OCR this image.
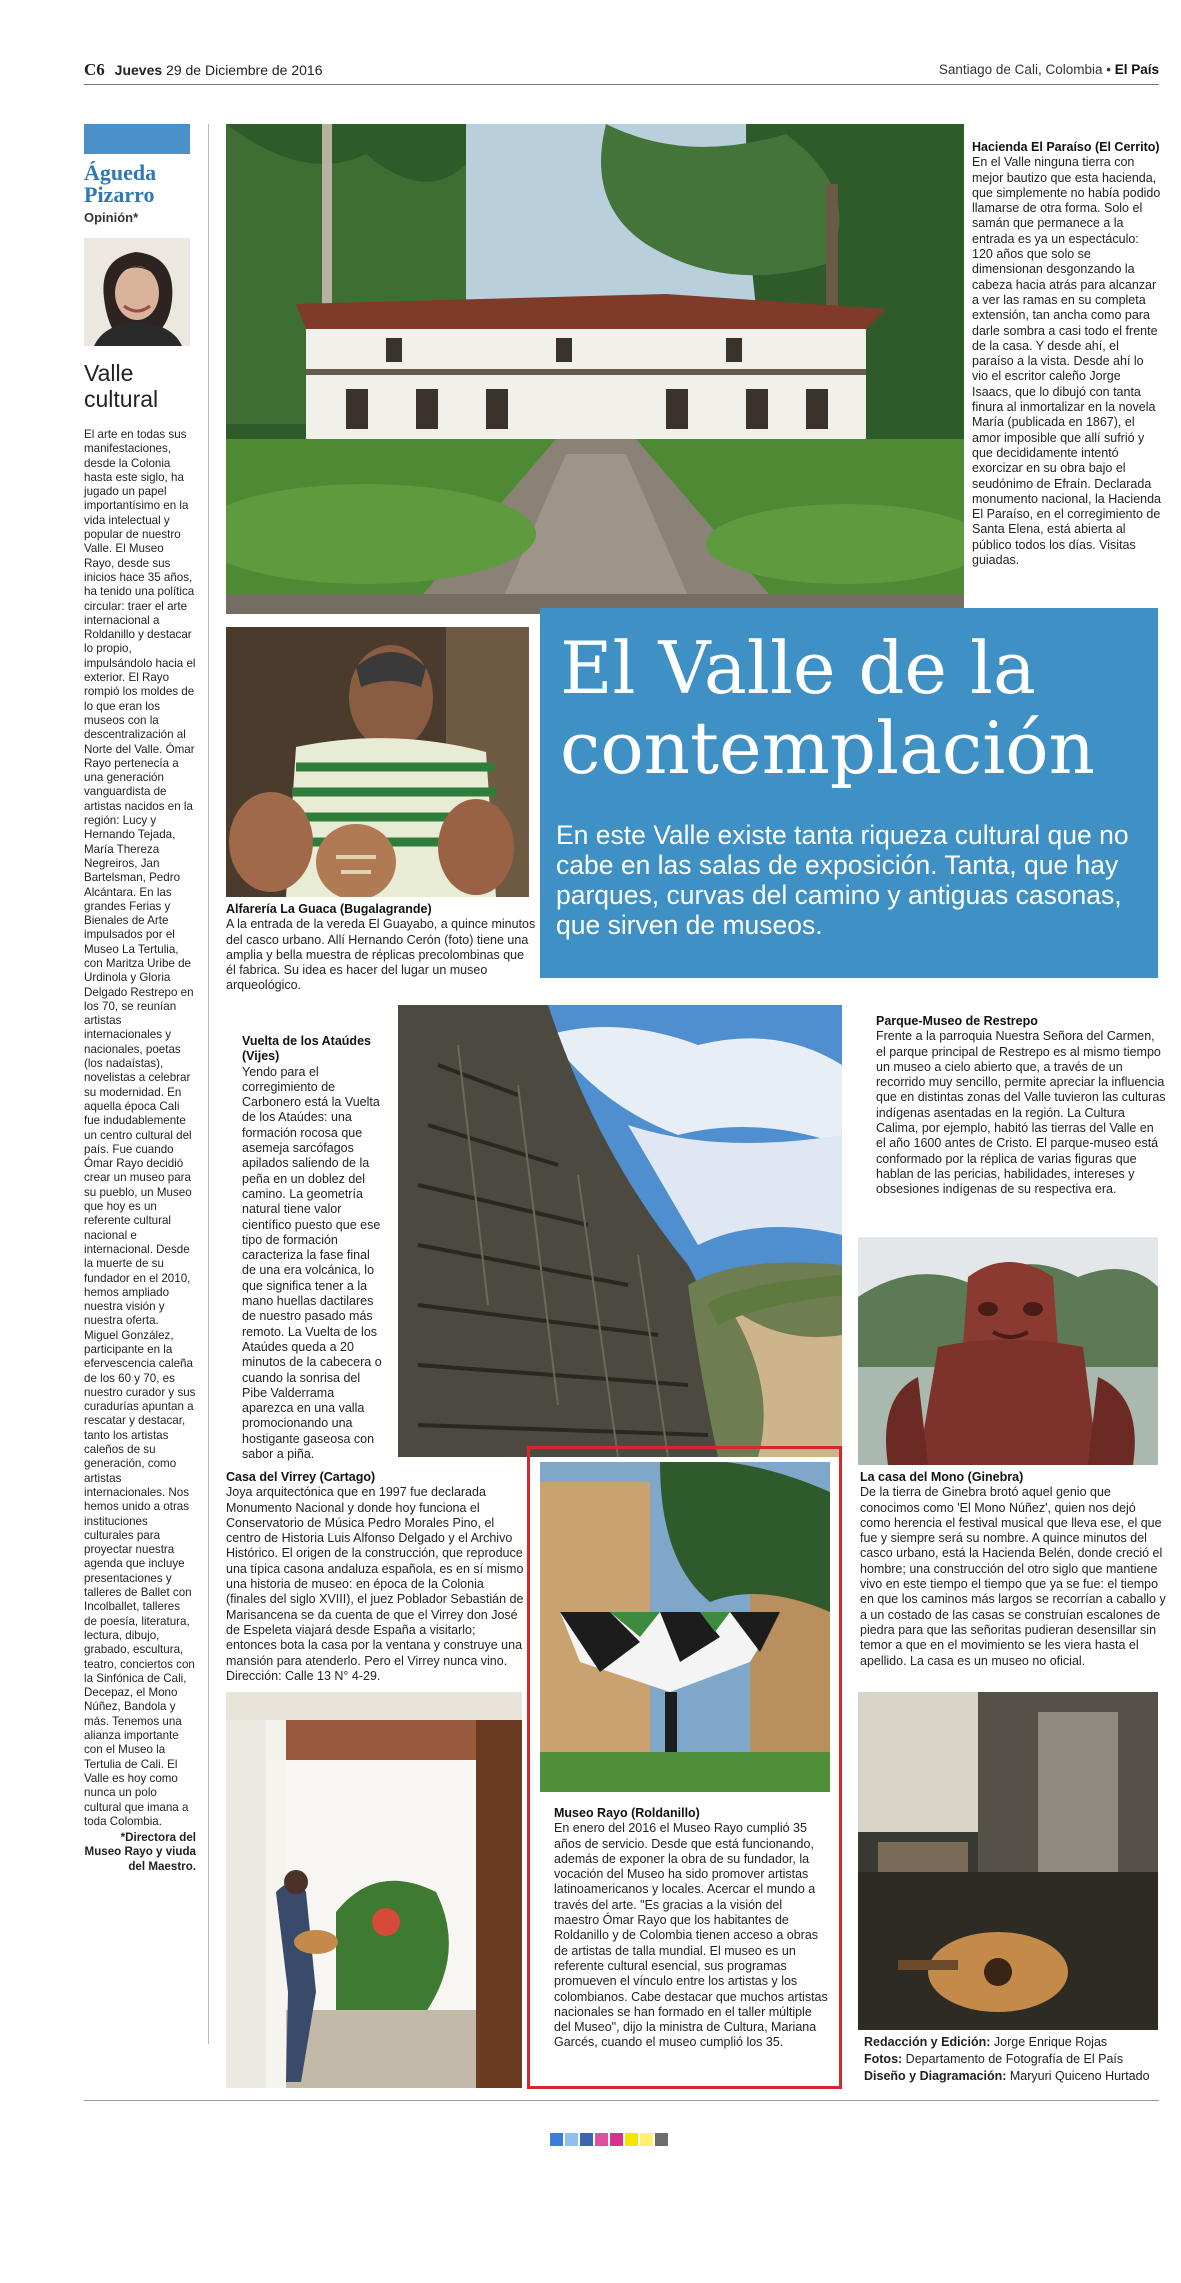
C6 Jueves 29 de Diciembre de 2016	Santiago de Cali, Colombia • El País
Águeda Pizarro
Opinión*
Valle cultural
El arte en todas sus manifestaciones, desde la Colonia hasta este siglo, ha jugado un papel importantísimo en la vida intelectual y popular de nuestro Valle. El Museo Rayo, desde sus inicios hace 35 años, ha tenido una política circular: traer el arte internacional a Roldanillo y destacar lo propio, impulsándolo hacia el exterior. El Rayo rompió los moldes de lo que eran los museos con la descentralización al Norte del Valle. Ómar Rayo pertenecía a una generación vanguardista de artistas nacidos en la región: Lucy y Hernando Tejada, María Thereza Negreiros, Jan Bartelsman, Pedro Alcántara. En las grandes Ferias y Bienales de Arte impulsados por el Museo La Tertulia, con Maritza Uribe de Urdinola y Gloria Delgado Restrepo en los 70, se reunían artistas internacionales y nacionales, poetas (los nadaístas), novelistas a celebrar su modernidad. En aquella época Cali fue indudablemente un centro cultural del país. Fue cuando Ómar Rayo decidió crear un museo para su pueblo, un Museo que hoy es un referente cultural nacional e internacional. Desde la muerte de su fundador en el 2010, hemos ampliado nuestra visión y nuestra oferta. Miguel González, participante en la efervescencia caleña de los 60 y 70, es nuestro curador y sus curadurías apuntan a rescatar y destacar, tanto los artistas caleños de su generación, como artistas internacionales. Nos hemos unido a otras instituciones culturales para proyectar nuestra agenda que incluye presentaciones y talleres de Ballet con Incolballet, talleres de poesía, literatura, lectura, dibujo, grabado, escultura, teatro, conciertos con la Sinfónica de Cali, Decepaz, el Mono Núñez, Bandola y más. Tenemos una alianza importante con el Museo la Tertulia de Cali. El Valle es hoy como nunca un polo cultural que imana a toda Colombia.
*Directora del Museo Rayo y viuda del Maestro.
Hacienda El Paraíso (El Cerrito)
En el Valle ninguna tierra con mejor bautizo que esta hacienda, que simplemente no había podido llamarse de otra forma. Solo el samán que permanece a la entrada es ya un espectáculo: 120 años que solo se dimensionan desgonzando la cabeza hacia atrás para alcanzar a ver las ramas en su completa extensión, tan ancha como para darle sombra a casi todo el frente de la casa. Y desde ahí, el paraíso a la vista. Desde ahí lo vio el escritor caleño Jorge Isaacs, que lo dibujó con tanta finura al inmortalizar en la novela María (publicada en 1867), el amor imposible que allí sufrió y que decididamente intentó exorcizar en su obra bajo el seudónimo de Efraín. Declarada monumento nacional, la Hacienda El Paraíso, en el corregimiento de Santa Elena, está abierta al público todos los días. Visitas guiadas.
Alfarería La Guaca (Bugalagrande)
A la entrada de la vereda El Guayabo, a quince minutos del casco urbano. Allí Hernando Cerón (foto) tiene una amplia y bella muestra de réplicas precolombinas que él fabrica. Su idea es hacer del lugar un museo arqueológico.
El Valle de la contemplación
En este Valle existe tanta riqueza cultural que no cabe en las salas de exposición. Tanta, que hay parques, curvas del camino y antiguas casonas, que sirven de museos.
Vuelta de los Ataúdes (Vijes)
Yendo para el corregimiento de Carbonero está la Vuelta de los Ataúdes: una formación rocosa que asemeja sarcófagos apilados saliendo de la peña en un doblez del camino. La geometría natural tiene valor científico puesto que ese tipo de formación caracteriza la fase final de una era volcánica, lo que significa tener a la mano huellas dactilares de nuestro pasado más remoto. La Vuelta de los Ataúdes queda a 20 minutos de la cabecera o cuando la sonrisa del Pibe Valderrama aparezca en una valla promocionando una hostigante gaseosa con sabor a piña.
Parque-Museo de Restrepo
Frente a la parroquia Nuestra Señora del Carmen, el parque principal de Restrepo es al mismo tiempo un museo a cielo abierto que, a través de un recorrido muy sencillo, permite apreciar la influencia que en distintas zonas del Valle tuvieron las culturas indígenas asentadas en la región. La Cultura Calima, por ejemplo, habitó las tierras del Valle en el año 1600 antes de Cristo. El parque-museo está conformado por la réplica de varias figuras que hablan de las pericias, habilidades, intereses y obsesiones indígenas de su respectiva era.
Casa del Virrey (Cartago)
Joya arquitectónica que en 1997 fue declarada Monumento Nacional y donde hoy funciona el Conservatorio de Música Pedro Morales Pino, el centro de Historia Luis Alfonso Delgado y el Archivo Histórico. El origen de la construcción, que reproduce una típica casona andaluza española, es en sí mismo una historia de museo: en época de la Colonia (finales del siglo XVIII), el juez Poblador Sebastián de Marisancena se da cuenta de que el Virrey don José de Espeleta viajará desde España a visitarlo; entonces bota la casa por la ventana y construye una mansión para atenderlo. Pero el Virrey nunca vino. Dirección: Calle 13 N° 4-29.
Museo Rayo (Roldanillo)
En enero del 2016 el Museo Rayo cumplió 35 años de servicio. Desde que está funcionando, además de exponer la obra de su fundador, la vocación del Museo ha sido promover artistas latinoamericanos y locales. Acercar el mundo a través del arte. "Es gracias a la visión del maestro Ómar Rayo que los habitantes de Roldanillo y de Colombia tienen acceso a obras de artistas de talla mundial. El museo es un referente cultural esencial, sus programas promueven el vínculo entre los artistas y los colombianos. Cabe destacar que muchos artistas nacionales se han formado en el taller múltiple del Museo", dijo la ministra de Cultura, Mariana Garcés, cuando el museo cumplió los 35.
La casa del Mono (Ginebra)
De la tierra de Ginebra brotó aquel genio que conocimos como 'El Mono Núñez', quien nos dejó como herencia el festival musical que lleva ese, el que fue y siempre será su nombre. A quince minutos del casco urbano, está la Hacienda Belén, donde creció el hombre; una construcción del otro siglo que mantiene vivo en este tiempo el tiempo que ya se fue: el tiempo en que los caminos más largos se recorrían a caballo y a un costado de las casas se construían escalones de piedra para que las señoritas pudieran desensillar sin temor a que en el movimiento se les viera hasta el apellido. La casa es un museo no oficial.
Redacción y Edición: Jorge Enrique Rojas
Fotos: Departamento de Fotografía de El País
Diseño y Diagramación: Maryuri Quiceno Hurtado
